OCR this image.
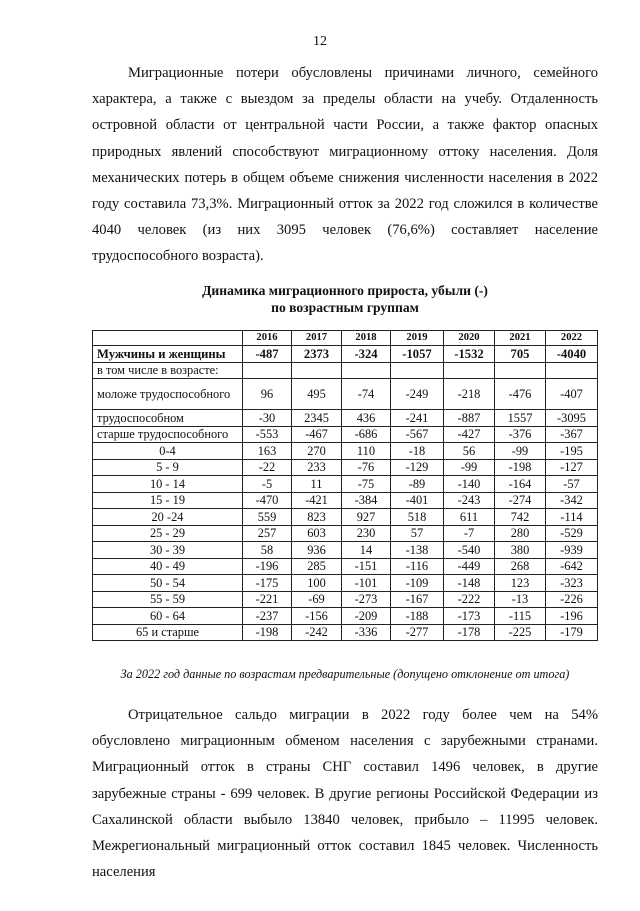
12

Миграционные потери обусловлены причинами личного, семейного характера, а также с выездом за пределы области на учебу. Отдаленность островной области от центральной части России, а также фактор опасных природных явлений способствуют миграционному оттоку населения. Доля механических потерь в общем объеме снижения численности населения в 2022 году составила 73,3%. Миграционный отток за 2022 год сложился в количестве 4040 человек (из них 3095 человек (76,6%) составляет население трудоспособного возраста).

Динамика миграционного прироста, убыли (-)
по возрастным группам
	2016	2017	2018	2019	2020	2021	2022
Мужчины и женщины	-487	2373	-324	-1057	-1532	705	-4040
в том числе в возрасте:							
моложе трудоспособного	96	495	-74	-249	-218	-476	-407
трудоспособном	-30	2345	436	-241	-887	1557	-3095
старше трудоспособного	-553	-467	-686	-567	-427	-376	-367
0-4	163	270	110	-18	56	-99	-195
5 - 9	-22	233	-76	-129	-99	-198	-127
10 - 14	-5	11	-75	-89	-140	-164	-57
15 - 19	-470	-421	-384	-401	-243	-274	-342
20 -24	559	823	927	518	611	742	-114
25 - 29	257	603	230	57	-7	280	-529
30 - 39	58	936	14	-138	-540	380	-939
40 - 49	-196	285	-151	-116	-449	268	-642
50 - 54	-175	100	-101	-109	-148	123	-323
55 - 59	-221	-69	-273	-167	-222	-13	-226
60 - 64	-237	-156	-209	-188	-173	-115	-196
65 и старше	-198	-242	-336	-277	-178	-225	-179
За 2022 год данные по возрастам предварительные (допущено отклонение от итога)

Отрицательное сальдо миграции в 2022 году более чем на 54% обусловлено миграционным обменом населения с зарубежными странами. Миграционный отток в страны СНГ составил 1496 человек, в другие зарубежные страны - 699 человек. В другие регионы Российской Федерации из Сахалинской области выбыло 13840 человек, прибыло – 11995 человек. Межрегиональный миграционный отток составил 1845 человек. Численность населения
